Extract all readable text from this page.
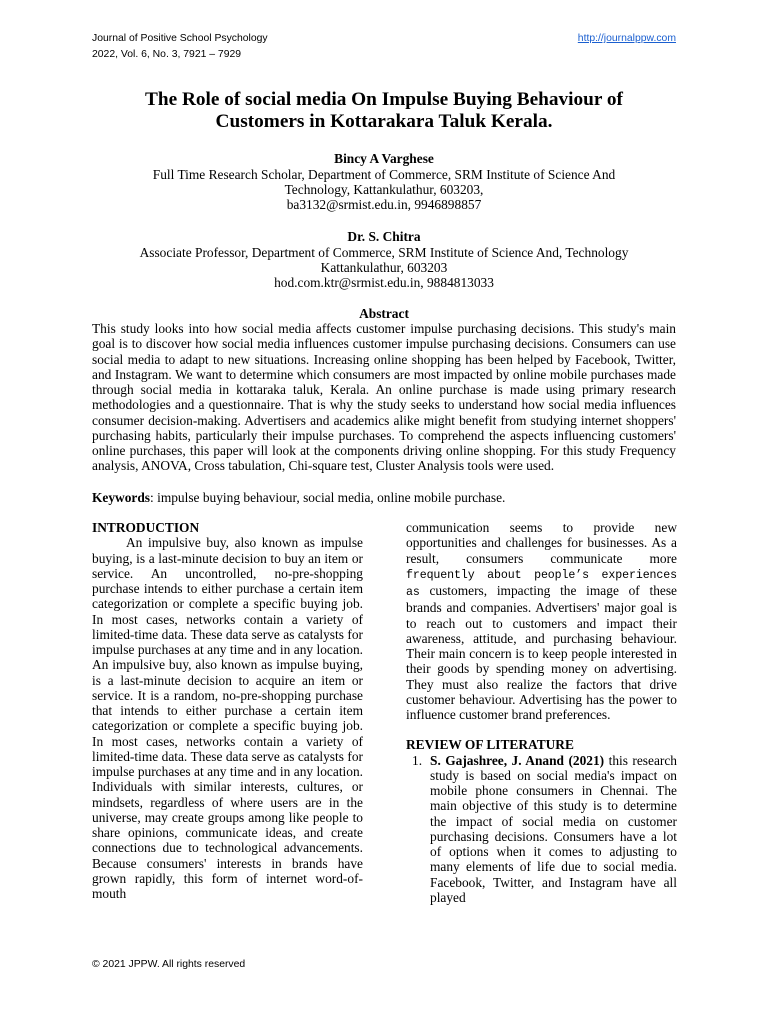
Journal of Positive School Psychology	http://journalppw.com
2022, Vol. 6, No. 3, 7921 – 7929
The Role of social media On Impulse Buying Behaviour of
Customers in Kottarakara Taluk Kerala.

Bincy A Varghese

Full Time Research Scholar, Department of Commerce, SRM Institute of Science And

Technology, Kattankulathur, 603203,

ba3132@srmist.edu.in, 9946898857

Dr. S. Chitra

Associate Professor, Department of Commerce, SRM Institute of Science And, Technology

Kattankulathur, 603203

hod.com.ktr@srmist.edu.in, 9884813033

Abstract

This study looks into how social media affects customer impulse purchasing decisions. This study's main goal is to discover how social media influences customer impulse purchasing decisions. Consumers can use social media to adapt to new situations. Increasing online shopping has been helped by Facebook, Twitter, and Instagram. We want to determine which consumers are most impacted by online mobile purchases made through social media in kottaraka taluk, Kerala. An online purchase is made using primary research methodologies and a questionnaire. That is why the study seeks to understand how social media influences consumer decision-making. Advertisers and academics alike might benefit from studying internet shoppers' purchasing habits, particularly their impulse purchases. To comprehend the aspects influencing customers' online purchases, this paper will look at the components driving online shopping. For this study Frequency analysis, ANOVA, Cross tabulation, Chi-square test, Cluster Analysis tools were used.

Keywords: impulse buying behaviour, social media, online mobile purchase.

INTRODUCTION

An impulsive buy, also known as impulse buying, is a last-minute decision to buy an item or service. An uncontrolled, no-pre-shopping purchase intends to either purchase a certain item categorization or complete a specific buying job. In most cases, networks contain a variety of limited-time data. These data serve as catalysts for impulse purchases at any time and in any location. An impulsive buy, also known as impulse buying, is a last-minute decision to acquire an item or service. It is a random, no-pre-shopping purchase that intends to either purchase a certain item categorization or complete a specific buying job. In most cases, networks contain a variety of limited-time data. These data serve as catalysts for impulse purchases at any time and in any location. Individuals with similar interests, cultures, or mindsets, regardless of where users are in the universe, may create groups among like people to share opinions, communicate ideas, and create connections due to technological advancements. Because consumers' interests in brands have grown rapidly, this form of internet word-of-mouth

communication seems to provide new opportunities and challenges for businesses. As a result, consumers communicate more frequently about people’s experiences as customers, impacting the image of these brands and companies. Advertisers' major goal is to reach out to customers and impact their awareness, attitude, and purchasing behaviour. Their main concern is to keep people interested in their goods by spending money on advertising. They must also realize the factors that drive customer behaviour. Advertising has the power to influence customer brand preferences.

REVIEW OF LITERATURE

1. S. Gajashree, J. Anand (2021) this research study is based on social media's impact on mobile phone consumers in Chennai. The main objective of this study is to determine the impact of social media on customer purchasing decisions. Consumers have a lot of options when it comes to adjusting to many elements of life due to social media. Facebook, Twitter, and Instagram have all played

© 2021 JPPW. All rights reserved
